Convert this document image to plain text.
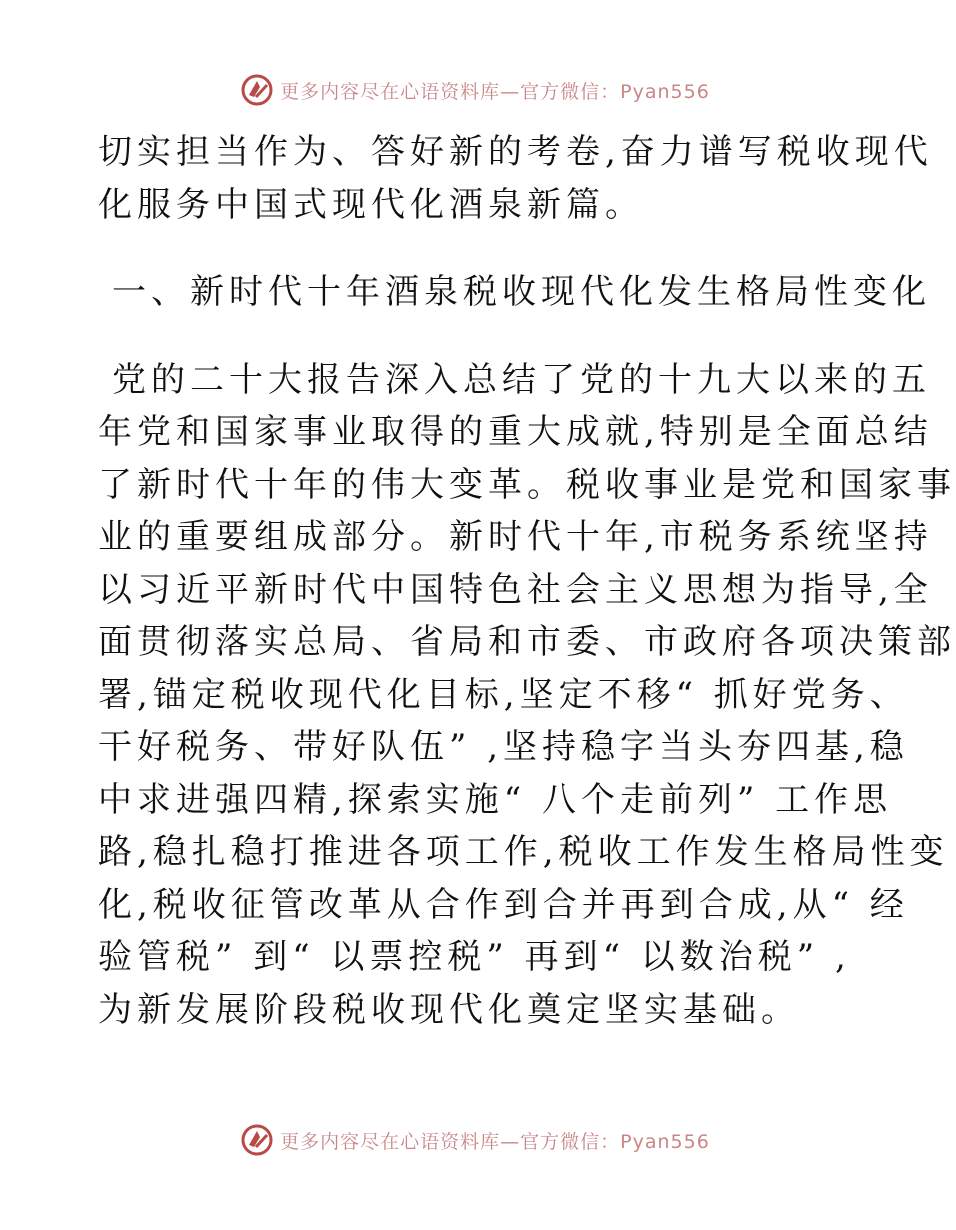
更多内容尽在心语资料库—官方微信：Pyan556
切实担当作为、答好新的考卷,奋力谱写税收现代
化服务中国式现代化酒泉新篇。
一、新时代十年酒泉税收现代化发生格局性变化
党的二十大报告深入总结了党的十九大以来的五
年党和国家事业取得的重大成就,特别是全面总结
了新时代十年的伟大变革。税收事业是党和国家事
业的重要组成部分。新时代十年,市税务系统坚持
以习近平新时代中国特色社会主义思想为指导,全
面贯彻落实总局、省局和市委、市政府各项决策部
署,锚定税收现代化目标,坚定不移“ 抓好党务、
干好税务、带好队伍” ,坚持稳字当头夯四基,稳
中求进强四精,探索实施“ 八个走前列” 工作思
路,稳扎稳打推进各项工作,税收工作发生格局性变
化,税收征管改革从合作到合并再到合成,从“ 经
验管税” 到“ 以票控税” 再到“ 以数治税” ,
为新发展阶段税收现代化奠定坚实基础。
更多内容尽在心语资料库—官方微信：Pyan556
